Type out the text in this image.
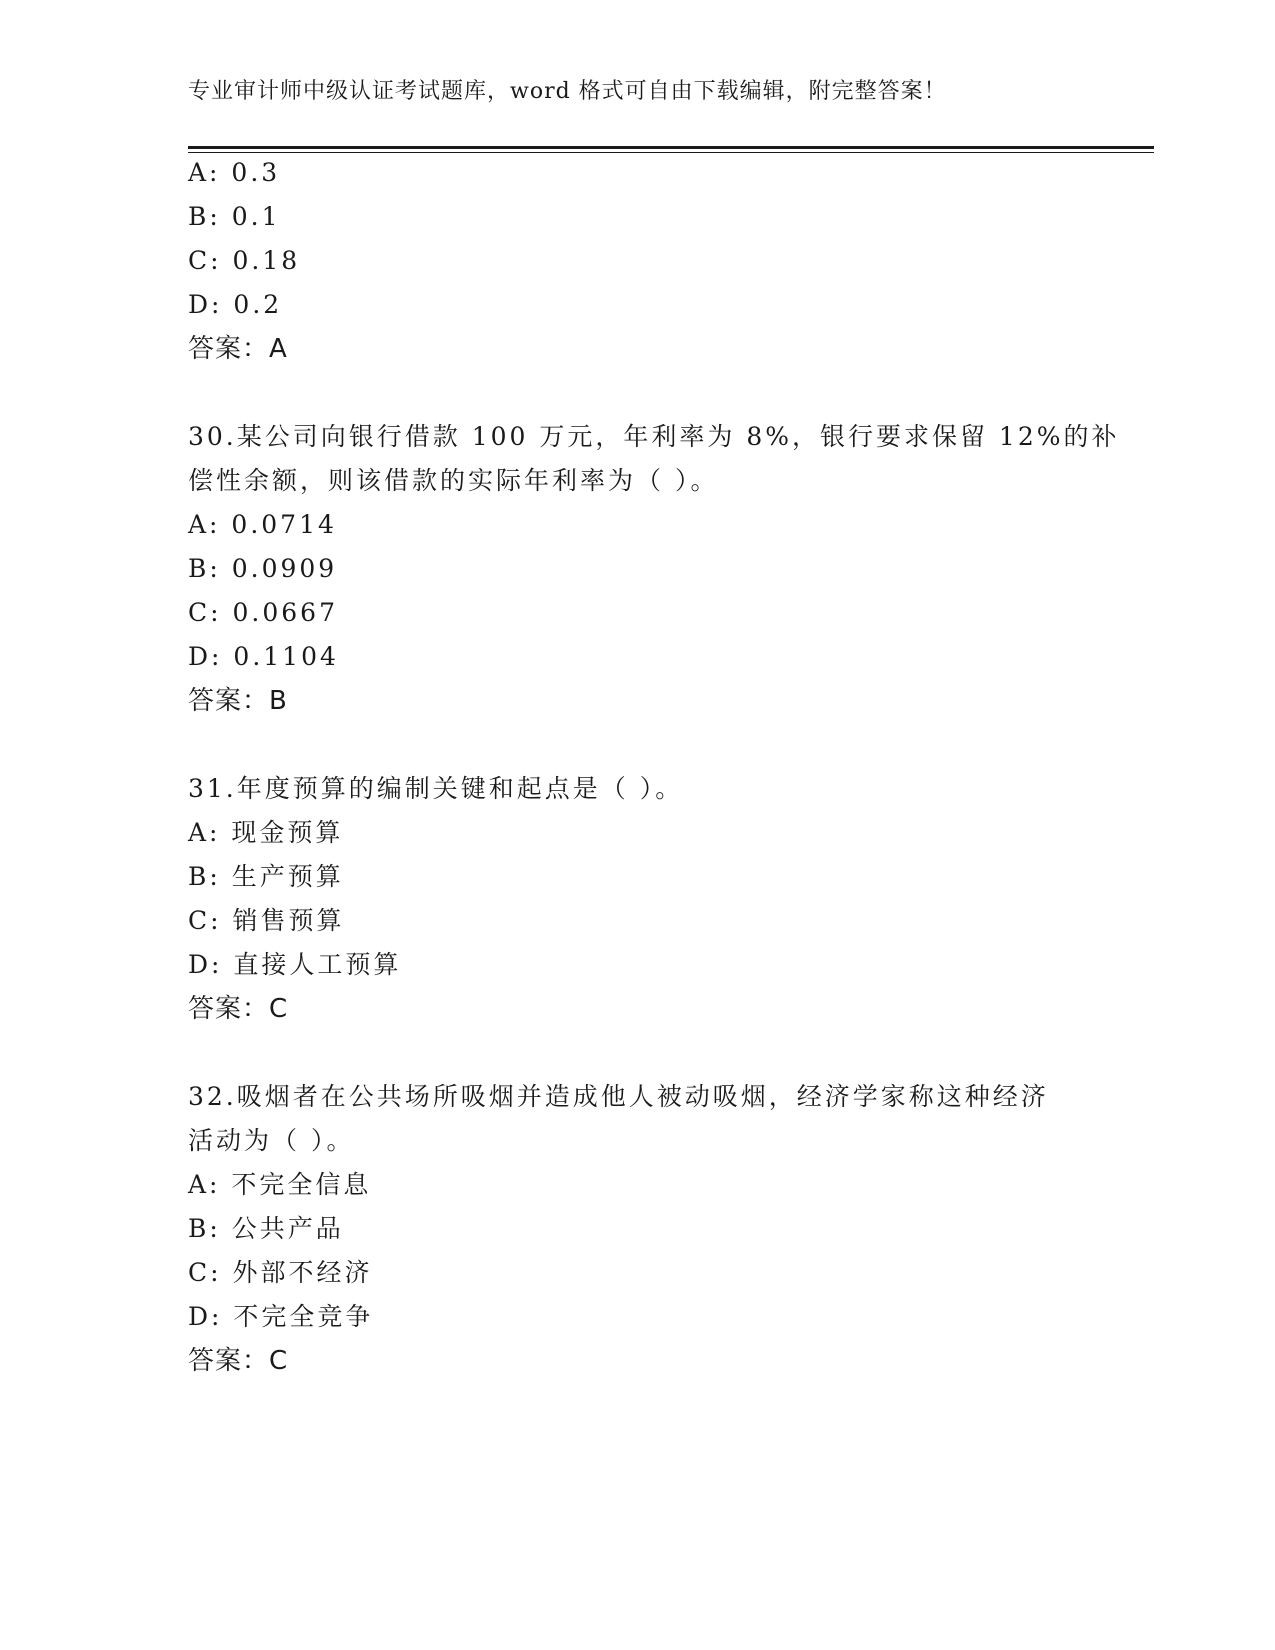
专业审计师中级认证考试题库，word 格式可自由下载编辑，附完整答案！
A: 0.3
B: 0.1
C: 0.18
D: 0.2
答案：A
30.某公司向银行借款 100 万元，年利率为 8%，银行要求保留 12%的补
偿性余额，则该借款的实际年利率为（ ）。
A: 0.0714
B: 0.0909
C: 0.0667
D: 0.1104
答案：B
31.年度预算的编制关键和起点是（ ）。
A: 现金预算
B: 生产预算
C: 销售预算
D: 直接人工预算
答案：C
32.吸烟者在公共场所吸烟并造成他人被动吸烟，经济学家称这种经济
活动为（ ）。
A: 不完全信息
B: 公共产品
C: 外部不经济
D: 不完全竞争
答案：C
